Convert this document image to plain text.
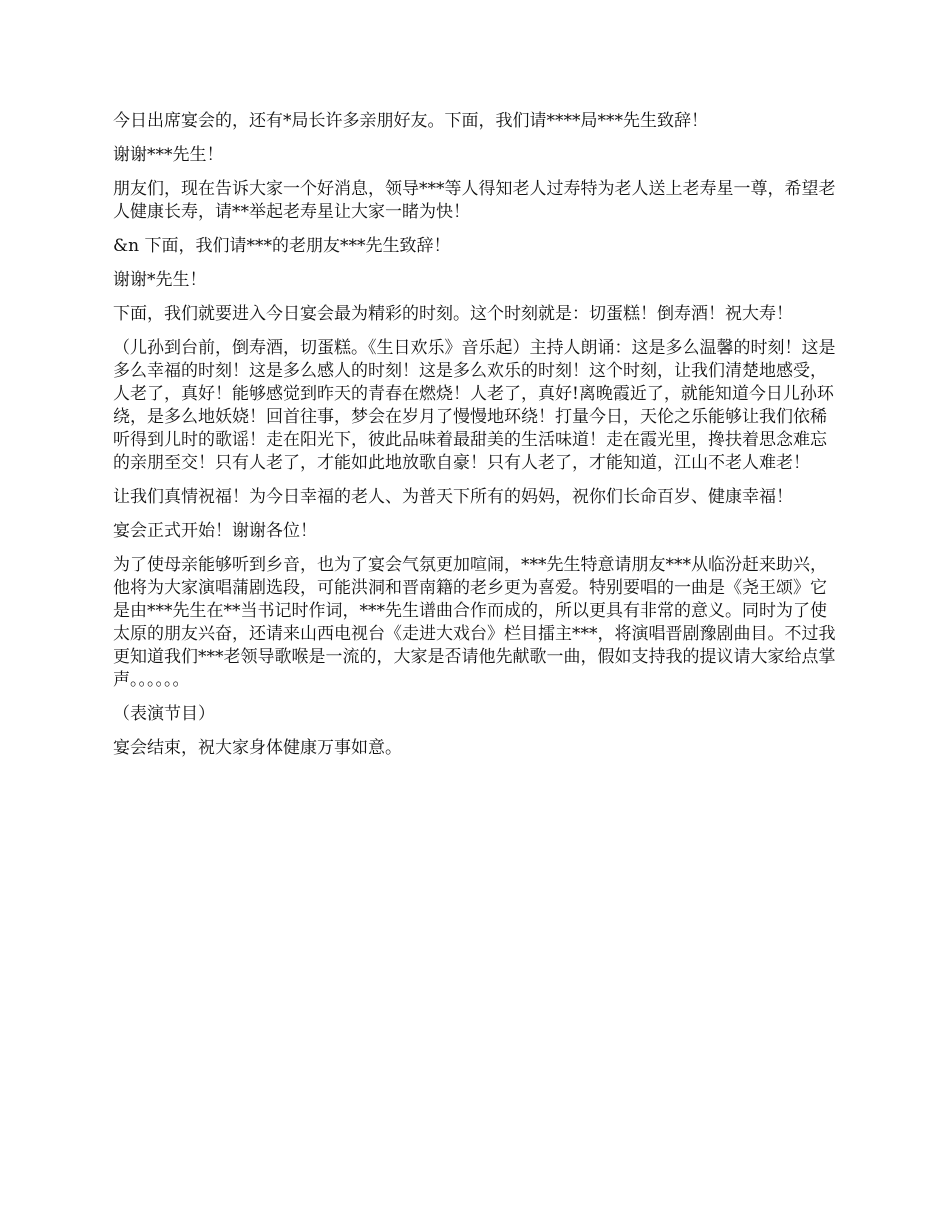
今日出席宴会的，还有*局长许多亲朋好友。下面，我们请****局***先生致辞！

谢谢***先生！

朋友们，现在告诉大家一个好消息，领导***等人得知老人过寿特为老人送上老寿星一尊，希望老人健康长寿，请**举起老寿星让大家一睹为快！

&n 下面，我们请***的老朋友***先生致辞！

谢谢*先生！

下面，我们就要进入今日宴会最为精彩的时刻。这个时刻就是：切蛋糕！倒寿酒！祝大寿！

（儿孙到台前，倒寿酒，切蛋糕。《生日欢乐》音乐起）主持人朗诵：这是多么温馨的时刻！这是多么幸福的时刻！这是多么感人的时刻！这是多么欢乐的时刻！这个时刻，让我们清楚地感受，人老了，真好！能够感觉到昨天的青春在燃烧！人老了，真好!离晚霞近了，就能知道今日儿孙环绕，是多么地妖娆！回首往事，梦会在岁月了慢慢地环绕！打量今日，天伦之乐能够让我们依稀听得到儿时的歌谣！走在阳光下，彼此品味着最甜美的生活味道！走在霞光里，搀扶着思念难忘的亲朋至交！只有人老了，才能如此地放歌自豪！只有人老了，才能知道，江山不老人难老！

让我们真情祝福！为今日幸福的老人、为普天下所有的妈妈，祝你们长命百岁、健康幸福！

宴会正式开始！谢谢各位！

为了使母亲能够听到乡音，也为了宴会气氛更加喧闹，***先生特意请朋友***从临汾赶来助兴，他将为大家演唱蒲剧选段，可能洪洞和晋南籍的老乡更为喜爱。特别要唱的一曲是《尧王颂》它是由***先生在**当书记时作词，***先生谱曲合作而成的，所以更具有非常的意义。同时为了使太原的朋友兴奋，还请来山西电视台《走进大戏台》栏目擂主***，将演唱晋剧豫剧曲目。不过我更知道我们***老领导歌喉是一流的，大家是否请他先献歌一曲，假如支持我的提议请大家给点掌声。。。。。。

（表演节目）

宴会结束，祝大家身体健康万事如意。
